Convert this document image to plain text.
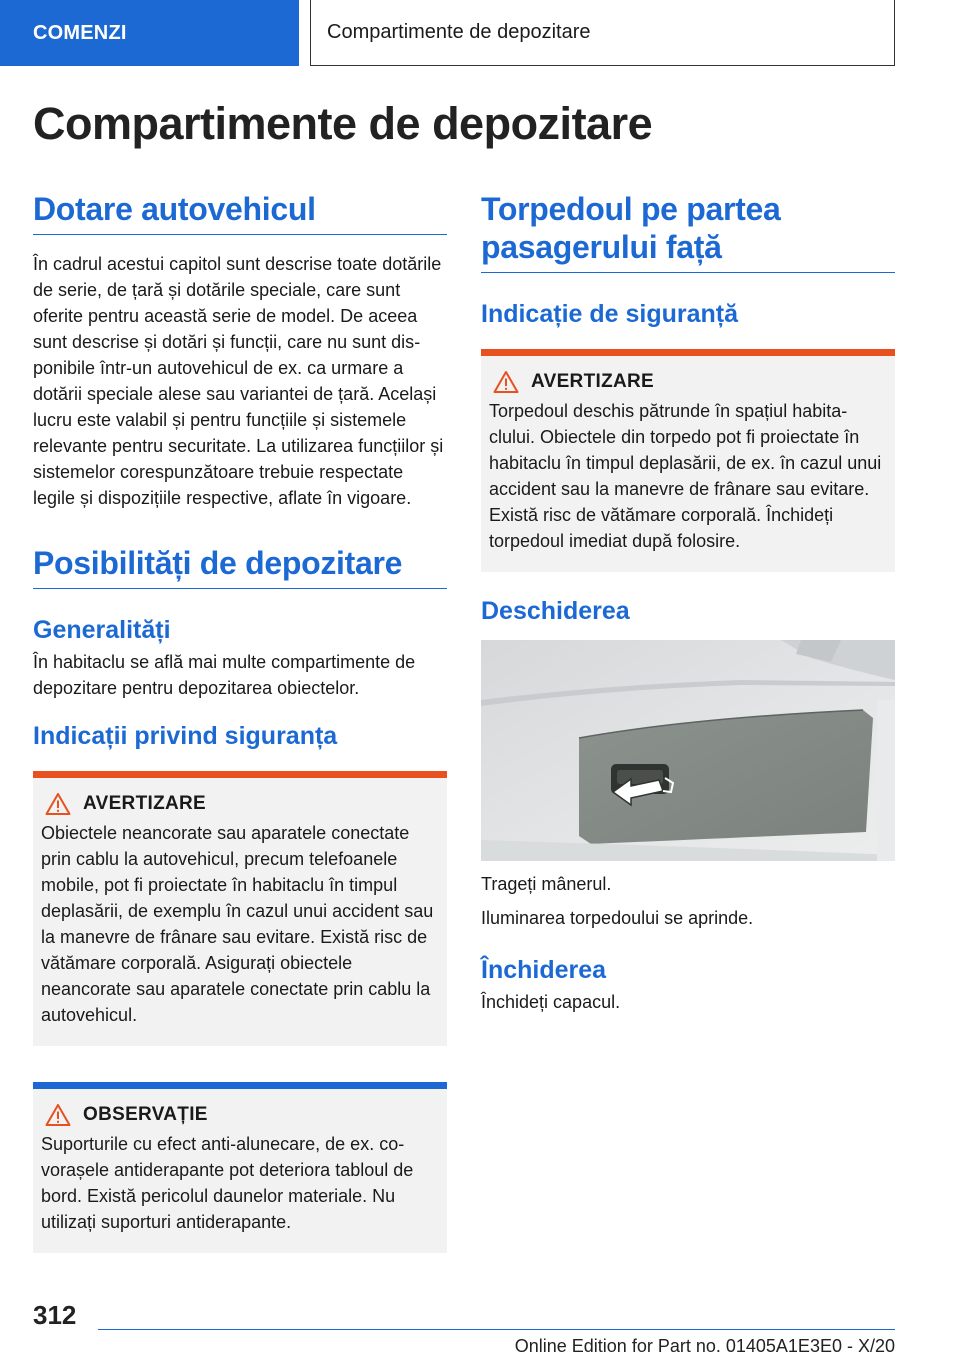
COMENZI	Compartimente de depozitare
Compartimente de depozitare
Dotare autovehicul

În cadrul acestui capitol sunt descrise toate dotările de serie, de țară și dotările speciale, care sunt oferite pentru această serie de model. De aceea sunt descrise și dotări și funcții, care nu sunt disponibile într-un autovehicul de ex. ca urmare a dotării speciale alese sau variantei de țară. Același lucru este valabil și pentru funcțiile și sistemele relevante pentru securitate. La utilizarea funcțiilor și sistemelor corespunzătoare trebuie respectate legile și dispozițiile respective, aflate în vigoare.

Posibilități de depozitare
Generalități

În habitaclu se află mai multe compartimente de depozitare pentru depozitarea obiectelor.

Indicații privind siguranța
AVERTIZARE

Obiectele neancorate sau aparatele conectate prin cablu la autovehicul, precum telefoanele mobile, pot fi proiectate în habitaclu în timpul deplasării, de exemplu în cazul unui accident sau la manevre de frânare sau evitare. Există risc de vătămare corporală. Asigurați obiectele neancorate sau aparatele conectate prin cablu la autovehicul.

OBSERVAȚIE

Suporturile cu efect anti-alunecare, de ex. covorașele antiderapante pot deteriora tabloul de bord. Există pericolul daunelor materiale. Nu utilizați suporturi antiderapante.

Torpedoul pe partea pasagerului față
Indicație de siguranță
AVERTIZARE

Torpedoul deschis pătrunde în spațiul habitaclului. Obiectele din torpedo pot fi proiectate în habitaclu în timpul deplasării, de ex. în cazul unui accident sau la manevre de frânare sau evitare. Există risc de vătămare corporală. Închideți torpedoul imediat după folosire.

Deschiderea

Trageți mânerul.

Iluminarea torpedoului se aprinde.

Închiderea

Închideți capacul.

312
Online Edition for Part no. 01405A1E3E0 - X/20
